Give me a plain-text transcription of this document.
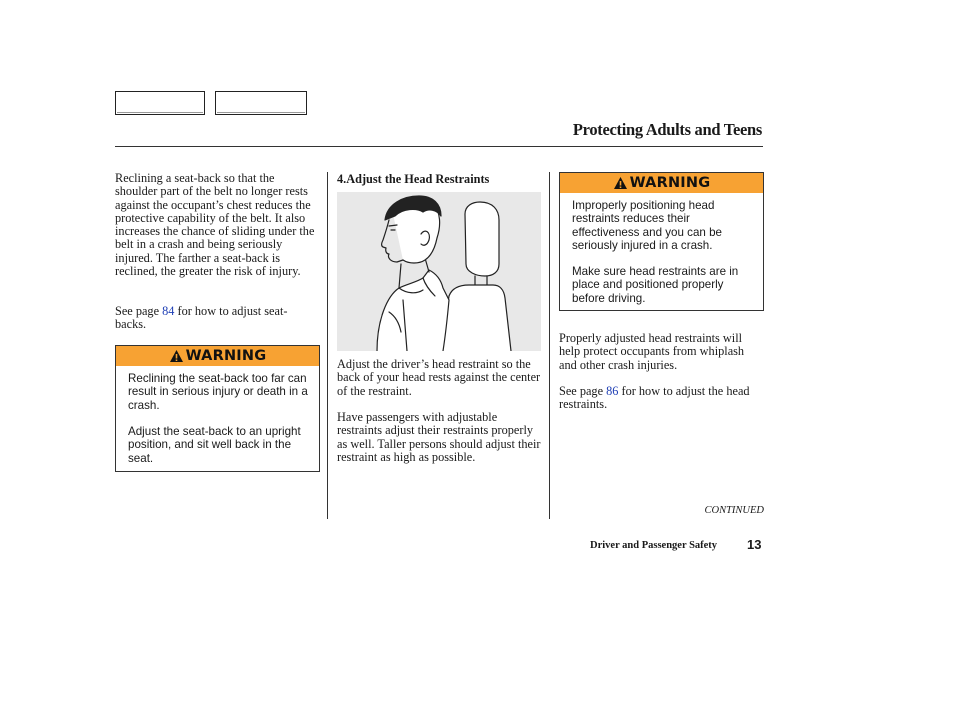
Protecting Adults and Teens

Reclining a seat-back so that the shoulder part of the belt no longer rests against the occupant’s chest reduces the protective capability of the belt. It also increases the chance of sliding under the belt in a crash and being seriously injured. The farther a seat-back is reclined, the greater the risk of injury.

See page 84 for how to adjust seat-backs.

WARNING

Reclining the seat-back too far can result in serious injury or death in a crash.

Adjust the seat-back to an upright position, and sit well back in the seat.

4.Adjust the Head Restraints

Adjust the driver’s head restraint so the back of your head rests against the center of the restraint.

Have passengers with adjustable restraints adjust their restraints properly as well. Taller persons should adjust their restraint as high as possible.

WARNING

Improperly positioning head restraints reduces their effectiveness and you can be seriously injured in a crash.

Make sure head restraints are in place and positioned properly before driving.

Properly adjusted head restraints will help protect occupants from whiplash and other crash injuries.

See page 86 for how to adjust the head restraints.

CONTINUED
Driver and Passenger Safety 13
